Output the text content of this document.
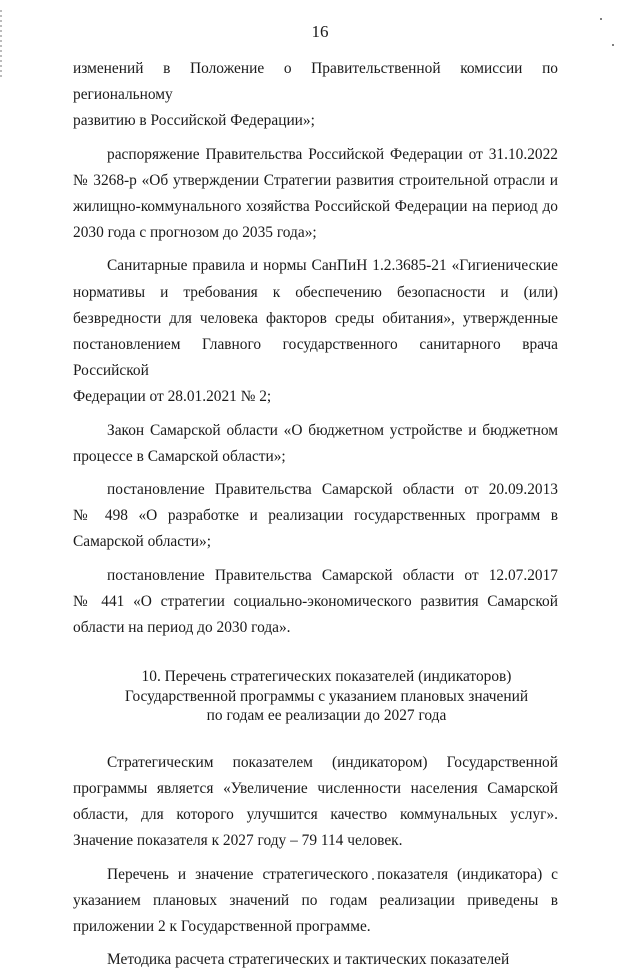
16

изменений в Положение о Правительственной комиссии по региональному
развитию в Российской Федерации»;

распоряжение Правительства Российской Федерации от 31.10.2022
№ 3268-р «Об утверждении Стратегии развития строительной отрасли и
жилищно-коммунального хозяйства Российской Федерации на период до
2030 года с прогнозом до 2035 года»;

Санитарные правила и нормы СанПиН 1.2.3685-21 «Гигиенические
нормативы и требования к обеспечению безопасности и (или)
безвредности для человека факторов среды обитания», утвержденные
постановлением Главного государственного санитарного врача Российской
Федерации от 28.01.2021 № 2;

Закон Самарской области «О бюджетном устройстве и бюджетном
процессе в Самарской области»;

постановление Правительства Самарской области от 20.09.2013
№ 498 «О разработке и реализации государственных программ в
Самарской области»;

постановление Правительства Самарской области от 12.07.2017
№ 441 «О стратегии социально-экономического развития Самарской
области на период до 2030 года».

10. Перечень стратегических показателей (индикаторов)
Государственной программы с указанием плановых значений
по годам ее реализации до 2027 года

Стратегическим показателем (индикатором) Государственной
программы является «Увеличение численности населения Самарской
области, для которого улучшится качество коммунальных услуг».
Значение показателя к 2027 году – 79 114 человек.

Перечень и значение стратегического показателя (индикатора) с
указанием плановых значений по годам реализации приведены в
приложении 2 к Государственной программе.

Методика расчета стратегических и тактических показателей
